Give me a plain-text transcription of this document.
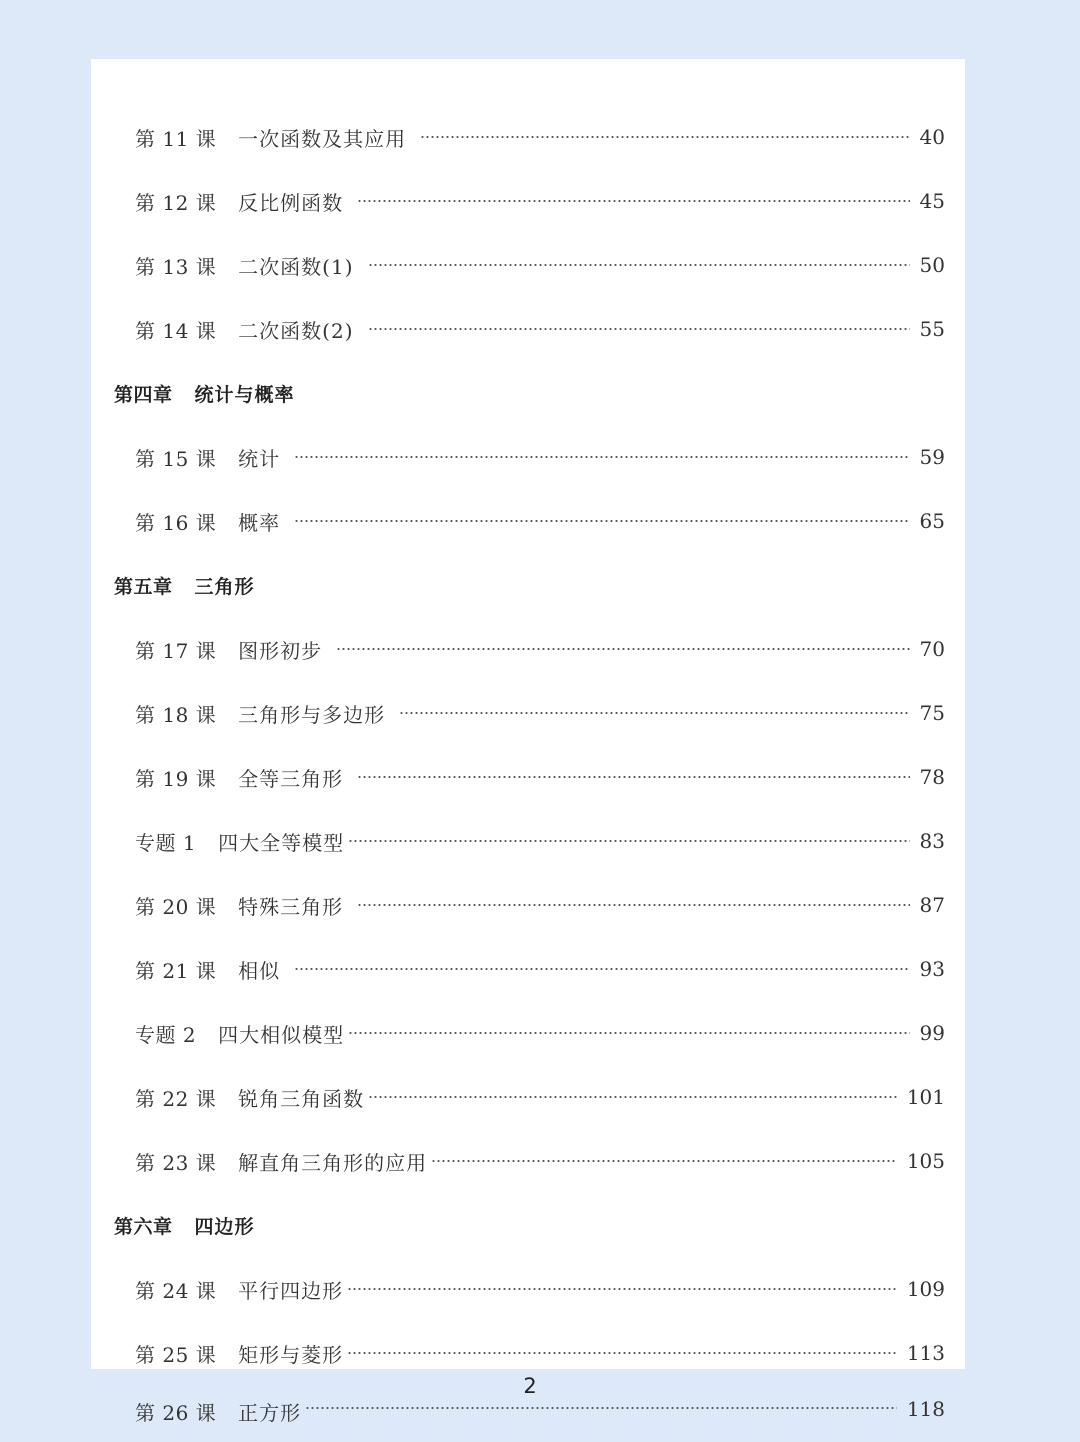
第 11 课 一次函数及其应用	40
第 12 课 反比例函数	45
第 13 课 二次函数(1)	50
第 14 课 二次函数(2)	55
第四章 统计与概率
第 15 课 统计	59
第 16 课 概率	65
第五章 三角形
第 17 课 图形初步	70
第 18 课 三角形与多边形	75
第 19 课 全等三角形	78
专题 1 四大全等模型	83
第 20 课 特殊三角形	87
第 21 课 相似	93
专题 2 四大相似模型	99
第 22 课 锐角三角函数	101
第 23 课 解直角三角形的应用	105
第六章 四边形
第 24 课 平行四边形	109
第 25 课 矩形与菱形	113
第 26 课 正方形	118
2
